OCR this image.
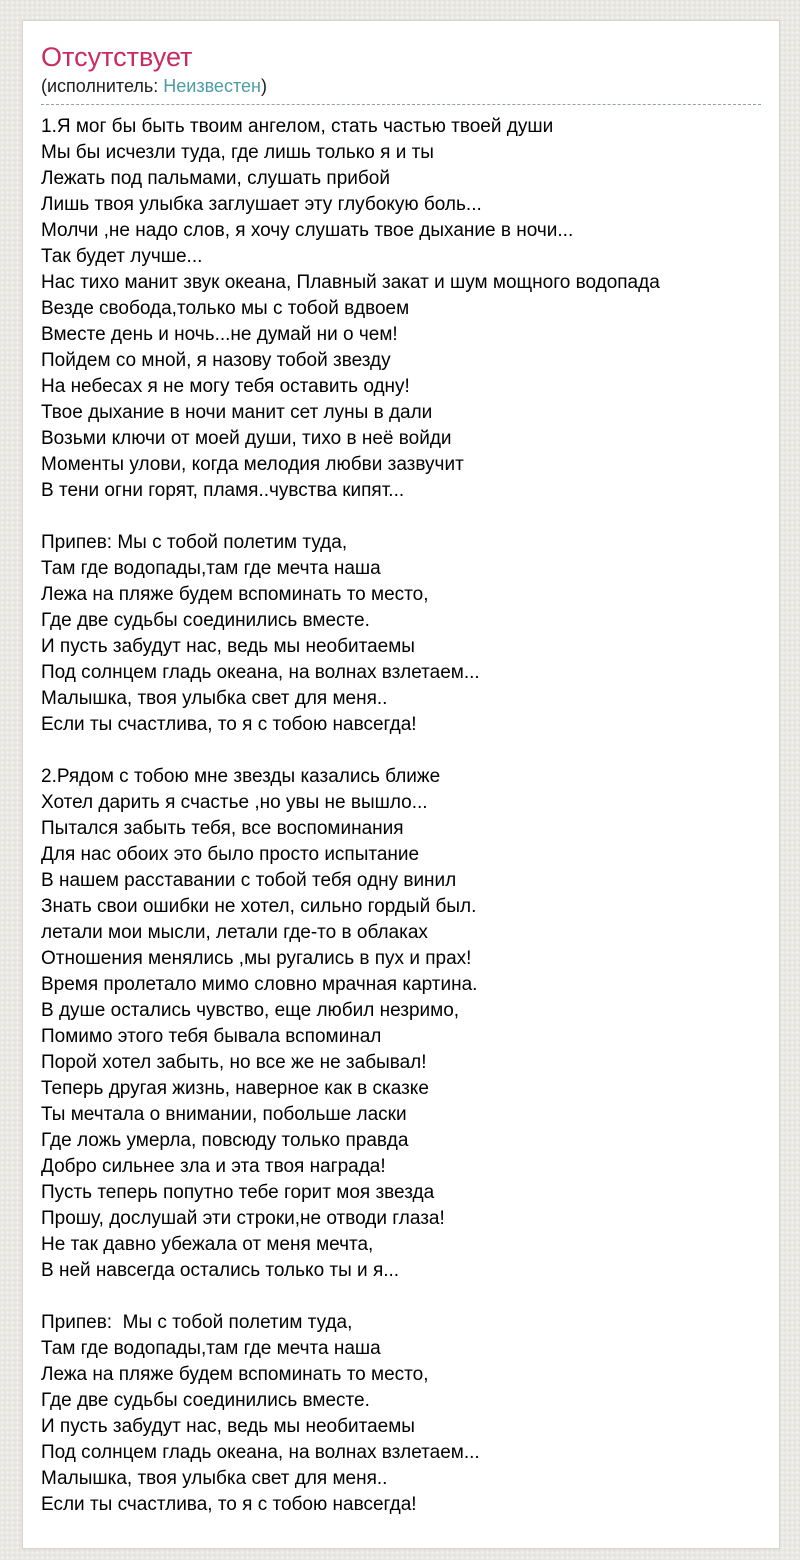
Отсутствует

(исполнитель: Неизвестен)

1.Я мог бы быть твоим ангелом, стать частью твоей души
Мы бы исчезли туда, где лишь только я и ты
Лежать под пальмами, слушать прибой
Лишь твоя улыбка заглушает эту глубокую боль...
Молчи ,не надо слов, я хочу слушать твое дыхание в ночи...
Так будет лучше...
Нас тихо манит звук океана, Плавный закат и шум мощного водопада
Везде свобода,только мы с тобой вдвоем
Вместе день и ночь...не думай ни о чем!
Пойдем со мной, я назову тобой звезду
На небесах я не могу тебя оставить одну!
Твое дыхание в ночи манит сет луны в дали
Возьми ключи от моей души, тихо в неё войди
Моменты улови, когда мелодия любви зазвучит
В тени огни горят, пламя..чувства кипят...
Припев: Мы с тобой полетим туда,
Там где водопады,там где мечта наша
Лежа на пляже будем вспоминать то место,
Где две судьбы соединились вместе.
И пусть забудут нас, ведь мы необитаемы
Под солнцем гладь океана, на волнах взлетаем...
Малышка, твоя улыбка свет для меня..
Если ты счастлива, то я с тобою навсегда!
2.Рядом с тобою мне звезды казались ближе
Хотел дарить я счастье ,но увы не вышло...
Пытался забыть тебя, все воспоминания
Для нас обоих это было просто испытание
В нашем расставании с тобой тебя одну винил
Знать свои ошибки не хотел, сильно гордый был.
летали мои мысли, летали где-то в облаках
Отношения менялись ,мы ругались в пух и прах!
Время пролетало мимо словно мрачная картина.
В душе остались чувство, еще любил незримо,
Помимо этого тебя бывала вспоминал
Порой хотел забыть, но все же не забывал!
Теперь другая жизнь, наверное как в сказке
Ты мечтала о внимании, побольше ласки
Где ложь умерла, повсюду только правда
Добро сильнее зла и эта твоя награда!
Пусть теперь попутно тебе горит моя звезда
Прошу, дослушай эти строки,не отводи глаза!
Не так давно убежала от меня мечта,
В ней навсегда остались только ты и я...
Припев:  Мы с тобой полетим туда,
Там где водопады,там где мечта наша
Лежа на пляже будем вспоминать то место,
Где две судьбы соединились вместе.
И пусть забудут нас, ведь мы необитаемы
Под солнцем гладь океана, на волнах взлетаем...
Малышка, твоя улыбка свет для меня..
Если ты счастлива, то я с тобою навсегда!
